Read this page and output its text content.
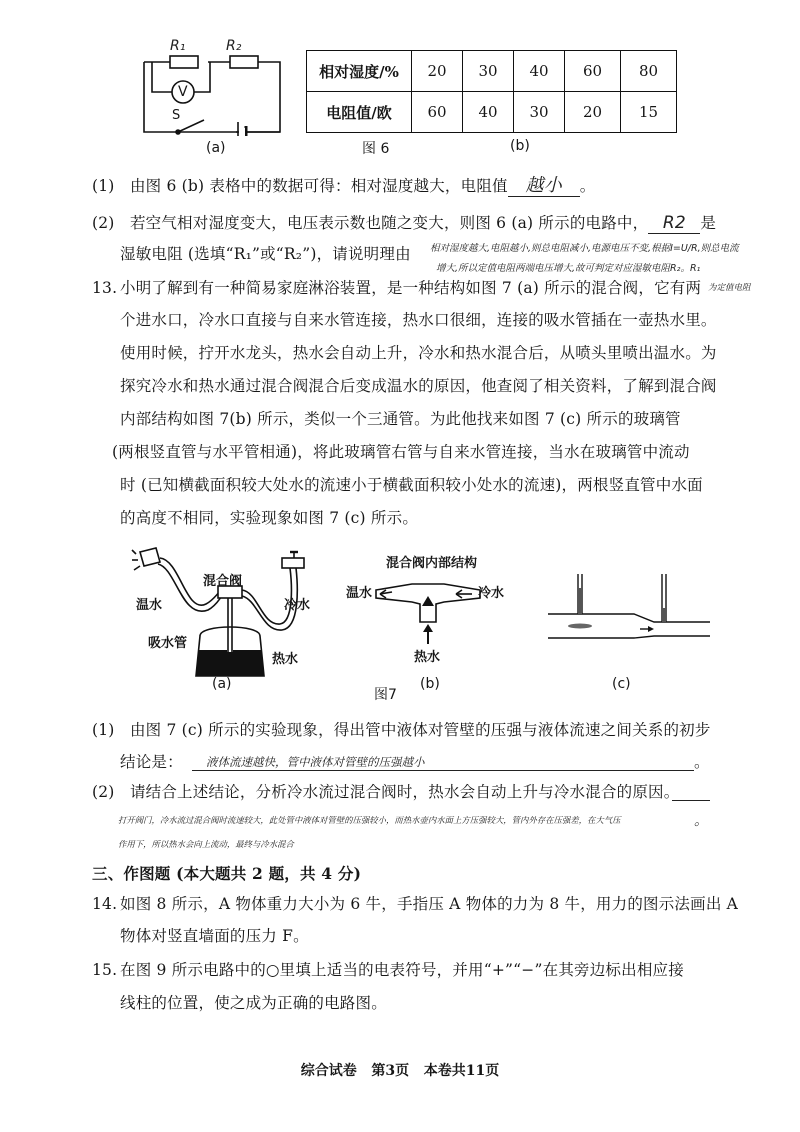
R₁	R₂
V
S
(a)
相对湿度/%	20	30	40	60	80
电阻值/欧	60	40	30	20	15
图 6	(b)
(1) 由图 6 (b) 表格中的数据可得：相对湿度越大，电阻值 越小 。
(2) 若空气相对湿度变大，电压表示数也随之变大，则图 6 (a) 所示的电路中， R2 是
湿敏电阻 (选填“R₁”或“R₂”)，请说明理由 相对湿度越大,电阻越小,则总电阻减小,电源电压不变,根据I=U/R,则总电流
增大,所以定值电阻两端电压增大,故可判定对应湿敏电阻R₂。R₁
为定值电阻
13. 小明了解到有一种简易家庭淋浴装置，是一种结构如图 7 (a) 所示的混合阀，它有两
个进水口，冷水口直接与自来水管连接，热水口很细，连接的吸水管插在一壶热水里。
使用时候，拧开水龙头，热水会自动上升，冷水和热水混合后，从喷头里喷出温水。为
探究冷水和热水通过混合阀混合后变成温水的原因，他查阅了相关资料，了解到混合阀
内部结构如图 7(b) 所示，类似一个三通管。为此他找来如图 7 (c) 所示的玻璃管
(两根竖直管与水平管相通)，将此玻璃管右管与自来水管连接，当水在玻璃管中流动
时 (已知横截面积较大处水的流速小于横截面积较小处水的流速)，两根竖直管中水面
的高度不相同，实验现象如图 7 (c) 所示。
混合阀
温水	冷水
吸水管
热水
(a)
混合阀内部结构
温水	冷水
热水
图7
(b)	(c)
(1) 由图 7 (c) 所示的实验现象，得出管中液体对管壁的压强与液体流速之间关系的初步
结论是： 液体流速越快，管中液体对管壁的压强越小	。
(2) 请结合上述结论，分析冷水流过混合阀时，热水会自动上升与冷水混合的原因。
打开阀门，冷水流过混合阀时流速较大，此处管中液体对管壁的压强较小，而热水壶内水面上方压强较大，管内外存在压强差，在大气压	。
作用下，所以热水会向上流动，最终与冷水混合
三、作图题 (本大题共 2 题，共 4 分)
14. 如图 8 所示，A 物体重力大小为 6 牛，手指压 A 物体的力为 8 牛，用力的图示法画出 A
物体对竖直墙面的压力 F。
15. 在图 9 所示电路中的○里填上适当的电表符号，并用“+”“−”在其旁边标出相应接
线柱的位置，使之成为正确的电路图。
综合试卷   第3页   本卷共11页
